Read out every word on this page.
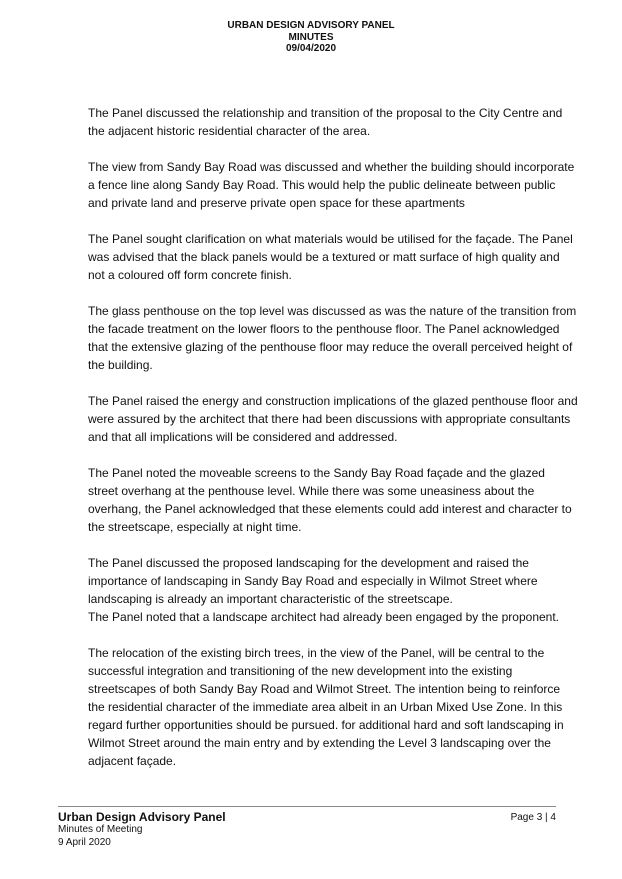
URBAN DESIGN ADVISORY PANEL
MINUTES
09/04/2020

The Panel discussed the relationship and transition of the proposal to the City Centre and the adjacent historic residential character of the area.

The view from Sandy Bay Road was discussed and whether the building should incorporate a fence line along Sandy Bay Road. This would help the public delineate between public and private land and preserve private open space for these apartments

The Panel sought clarification on what materials would be utilised for the façade. The Panel was advised that the black panels would be a textured or matt surface of high quality and not a coloured off form concrete finish.

The glass penthouse on the top level was discussed as was the nature of the transition from the facade treatment on the lower floors to the penthouse floor. The Panel acknowledged that the extensive glazing of the penthouse floor may reduce the overall perceived height of the building.

The Panel raised the energy and construction implications of the glazed penthouse floor and were assured by the architect that there had been discussions with appropriate consultants and that all implications will be considered and addressed.

The Panel noted the moveable screens to the Sandy Bay Road façade and the glazed street overhang at the penthouse level. While there was some uneasiness about the overhang, the Panel acknowledged that these elements could add interest and character to the streetscape, especially at night time.

The Panel discussed the proposed landscaping for the development and raised the importance of landscaping in Sandy Bay Road and especially in Wilmot Street where landscaping is already an important characteristic of the streetscape.

The Panel noted that a landscape architect had already been engaged by the proponent.

The relocation of the existing birch trees, in the view of the Panel, will be central to the successful integration and transitioning of the new development into the existing streetscapes of both Sandy Bay Road and Wilmot Street. The intention being to reinforce the residential character of the immediate area albeit in an Urban Mixed Use Zone. In this regard further opportunities should be pursued. for additional hard and soft landscaping in Wilmot Street around the main entry and by extending the Level 3 landscaping over the adjacent façade.

Urban Design Advisory Panel
Minutes of Meeting
9 April 2020
Page 3 | 4
